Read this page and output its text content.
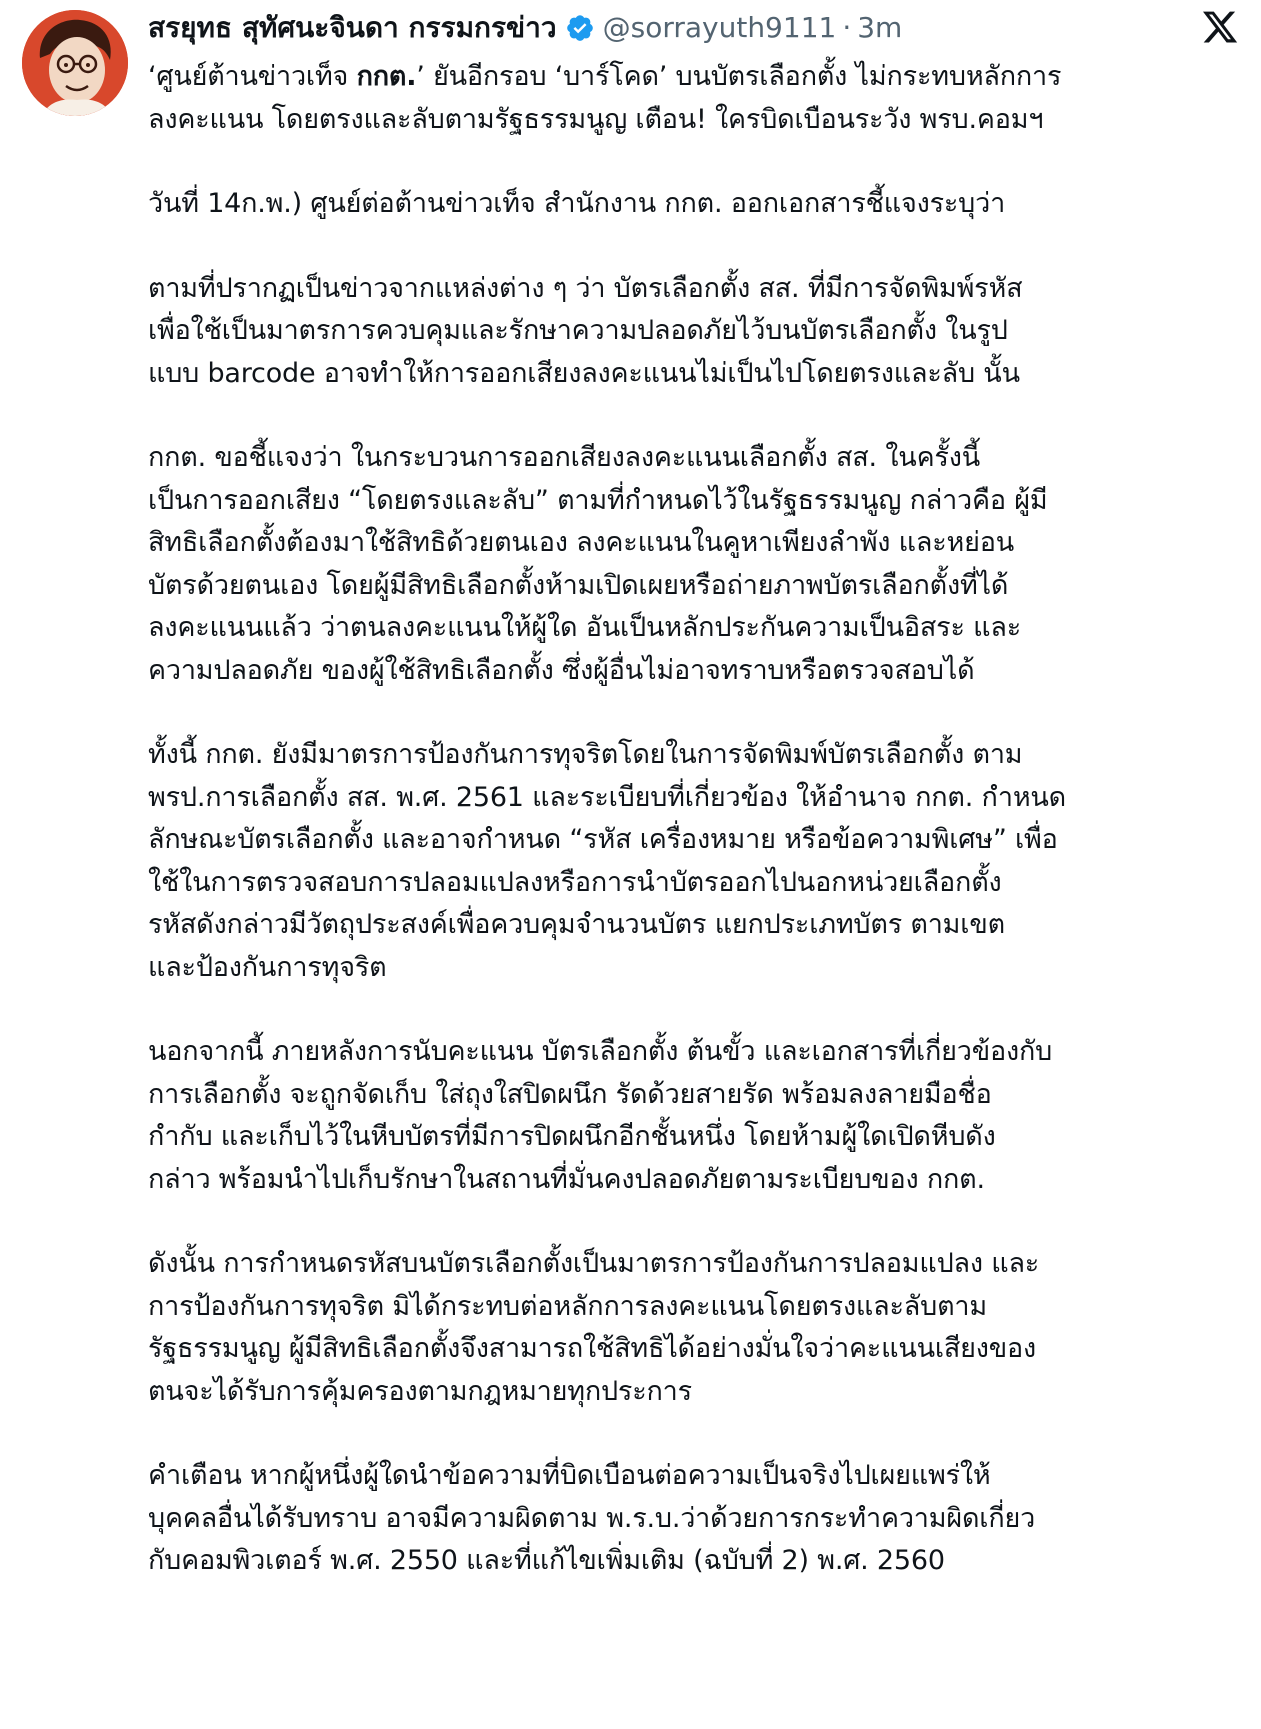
สรยุทธ สุทัศนะจินดา กรรมกรข่าว @sorrayuth9111 · 3m
‘ศูนย์ต้านข่าวเท็จ กกต.’ ยันอีกรอบ ‘บาร์โคด’ บนบัตรเลือกตั้ง ไม่กระทบหลักการ
ลงคะแนน โดยตรงและลับตามรัฐธรรมนูญ เตือน! ใครบิดเบือนระวัง พรบ.คอมฯ
วันที่ 14ก.พ.) ศูนย์ต่อต้านข่าวเท็จ สำนักงาน กกต. ออกเอกสารชี้แจงระบุว่า
ตามที่ปรากฏเป็นข่าวจากแหล่งต่าง ๆ ว่า บัตรเลือกตั้ง สส. ที่มีการจัดพิมพ์รหัส
เพื่อใช้เป็นมาตรการควบคุมและรักษาความปลอดภัยไว้บนบัตรเลือกตั้ง ในรูป
แบบ barcode อาจทำให้การออกเสียงลงคะแนนไม่เป็นไปโดยตรงและลับ นั้น
กกต. ขอชี้แจงว่า ในกระบวนการออกเสียงลงคะแนนเลือกตั้ง สส. ในครั้งนี้
เป็นการออกเสียง “โดยตรงและลับ” ตามที่กำหนดไว้ในรัฐธรรมนูญ กล่าวคือ ผู้มี
สิทธิเลือกตั้งต้องมาใช้สิทธิด้วยตนเอง ลงคะแนนในคูหาเพียงลำพัง และหย่อน
บัตรด้วยตนเอง โดยผู้มีสิทธิเลือกตั้งห้ามเปิดเผยหรือถ่ายภาพบัตรเลือกตั้งที่ได้
ลงคะแนนแล้ว ว่าตนลงคะแนนให้ผู้ใด อันเป็นหลักประกันความเป็นอิสระ และ
ความปลอดภัย ของผู้ใช้สิทธิเลือกตั้ง ซึ่งผู้อื่นไม่อาจทราบหรือตรวจสอบได้
ทั้งนี้ กกต. ยังมีมาตรการป้องกันการทุจริตโดยในการจัดพิมพ์บัตรเลือกตั้ง ตาม
พรป.การเลือกตั้ง สส. พ.ศ. 2561 และระเบียบที่เกี่ยวข้อง ให้อำนาจ กกต. กำหนด
ลักษณะบัตรเลือกตั้ง และอาจกำหนด “รหัส เครื่องหมาย หรือข้อความพิเศษ” เพื่อ
ใช้ในการตรวจสอบการปลอมแปลงหรือการนำบัตรออกไปนอกหน่วยเลือกตั้ง
รหัสดังกล่าวมีวัตถุประสงค์เพื่อควบคุมจำนวนบัตร แยกประเภทบัตร ตามเขต
และป้องกันการทุจริต
นอกจากนี้ ภายหลังการนับคะแนน บัตรเลือกตั้ง ต้นขั้ว และเอกสารที่เกี่ยวข้องกับ
การเลือกตั้ง จะถูกจัดเก็บ ใส่ถุงใสปิดผนึก รัดด้วยสายรัด พร้อมลงลายมือชื่อ
กำกับ และเก็บไว้ในหีบบัตรที่มีการปิดผนึกอีกชั้นหนึ่ง โดยห้ามผู้ใดเปิดหีบดัง
กล่าว พร้อมนำไปเก็บรักษาในสถานที่มั่นคงปลอดภัยตามระเบียบของ กกต.
ดังนั้น การกำหนดรหัสบนบัตรเลือกตั้งเป็นมาตรการป้องกันการปลอมแปลง และ
การป้องกันการทุจริต มิได้กระทบต่อหลักการลงคะแนนโดยตรงและลับตาม
รัฐธรรมนูญ ผู้มีสิทธิเลือกตั้งจึงสามารถใช้สิทธิได้อย่างมั่นใจว่าคะแนนเสียงของ
ตนจะได้รับการคุ้มครองตามกฎหมายทุกประการ
คำเตือน หากผู้หนึ่งผู้ใดนำข้อความที่บิดเบือนต่อความเป็นจริงไปเผยแพร่ให้
บุคคลอื่นได้รับทราบ อาจมีความผิดตาม พ.ร.บ.ว่าด้วยการกระทำความผิดเกี่ยว
กับคอมพิวเตอร์ พ.ศ. 2550 และที่แก้ไขเพิ่มเติม (ฉบับที่ 2) พ.ศ. 2560
